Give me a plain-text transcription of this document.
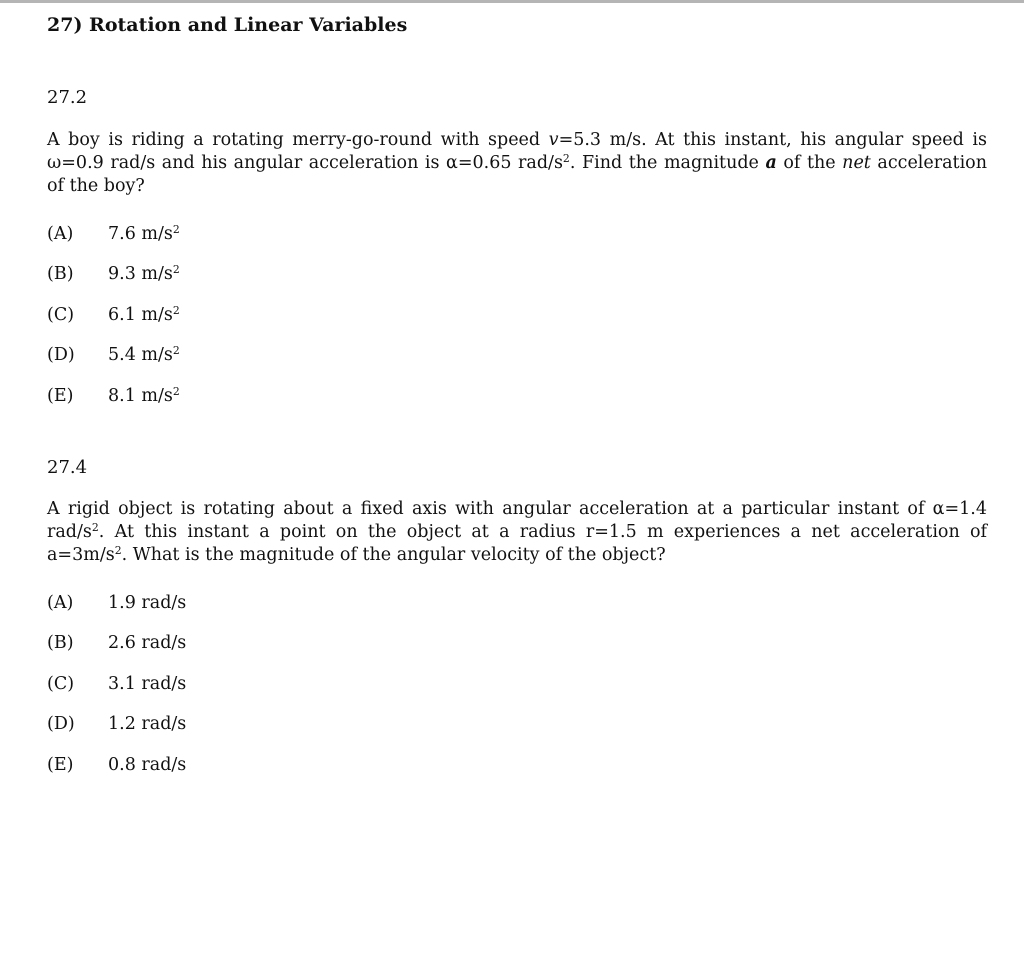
27) Rotation and Linear Variables
27.2
A boy is riding a rotating merry-go-round with speed v=5.3 m/s. At this instant, his angular speed is ω=0.9 rad/s and his angular acceleration is α=0.65 rad/$s^2$. Find the magnitude a of the net acceleration of the boy?
(A) 7.6 $m/s^2$
(B) 9.3 $m/s^2$
(C) 6.1 $m/s^2$
(D) 5.4 $m/s^2$
(E) 8.1 $m/s^2$
27.4
A rigid object is rotating about a fixed axis with angular acceleration at a particular instant of α=1.4 rad/$s^2$. At this instant a point on the object at a radius r=1.5 m experiences a net acceleration of $a=3m/s^2$. What is the magnitude of the angular velocity of the object?
(A) 1.9 rad/s
(B) 2.6 rad/s
(C) 3.1 rad/s
(D) 1.2 rad/s
(E) 0.8 rad/s
